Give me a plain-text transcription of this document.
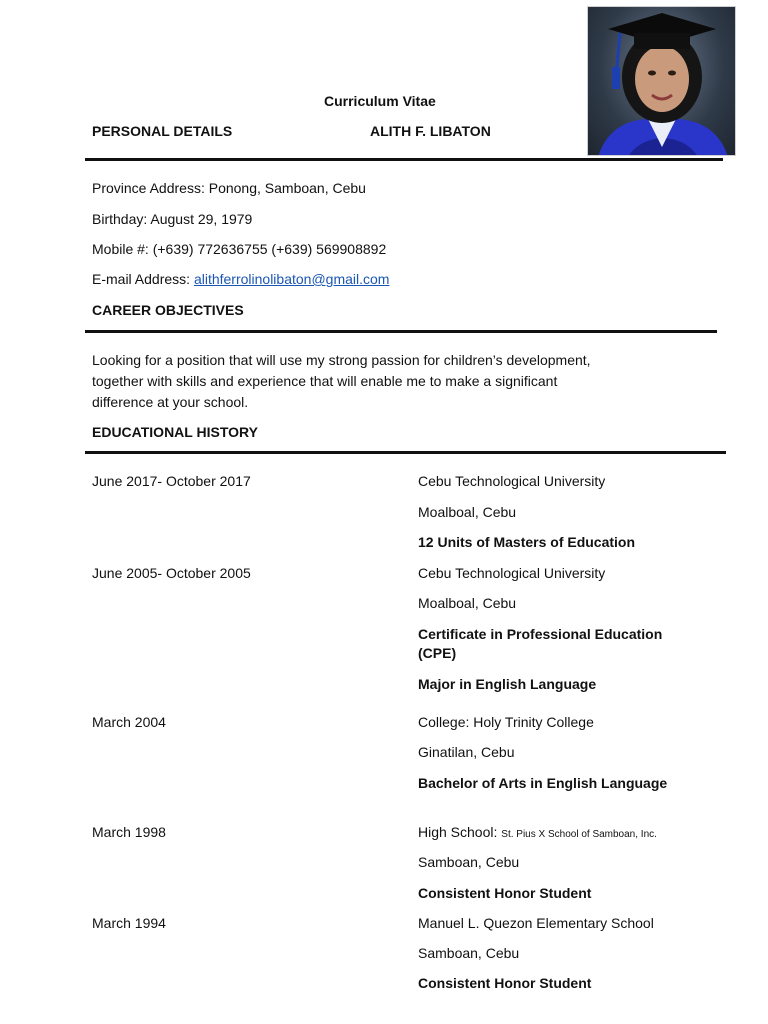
Curriculum Vitae
PERSONAL DETAILS	ALITH F. LIBATON
Province Address: Ponong, Samboan, Cebu
Birthday: August 29, 1979
Mobile #: (+639) 772636755 (+639) 569908892
E-mail Address: alithferrolinolibaton@gmail.com
CAREER OBJECTIVES
Looking for a position that will use my strong passion for children’s development,
together with skills and experience that will enable me to make a significant
difference at your school.
EDUCATIONAL HISTORY
June 2017- October 2017	Cebu Technological University
Moalboal, Cebu
12 Units of Masters of Education
June 2005- October 2005	Cebu Technological University
Moalboal, Cebu
Certificate in Professional Education
(CPE)
Major in English Language
March 2004	College: Holy Trinity College
Ginatilan, Cebu
Bachelor of Arts in English Language
March 1998	High School: St. Pius X School of Samboan, Inc.
Samboan, Cebu
Consistent Honor Student
March 1994	Manuel L. Quezon Elementary School
Samboan, Cebu
Consistent Honor Student
